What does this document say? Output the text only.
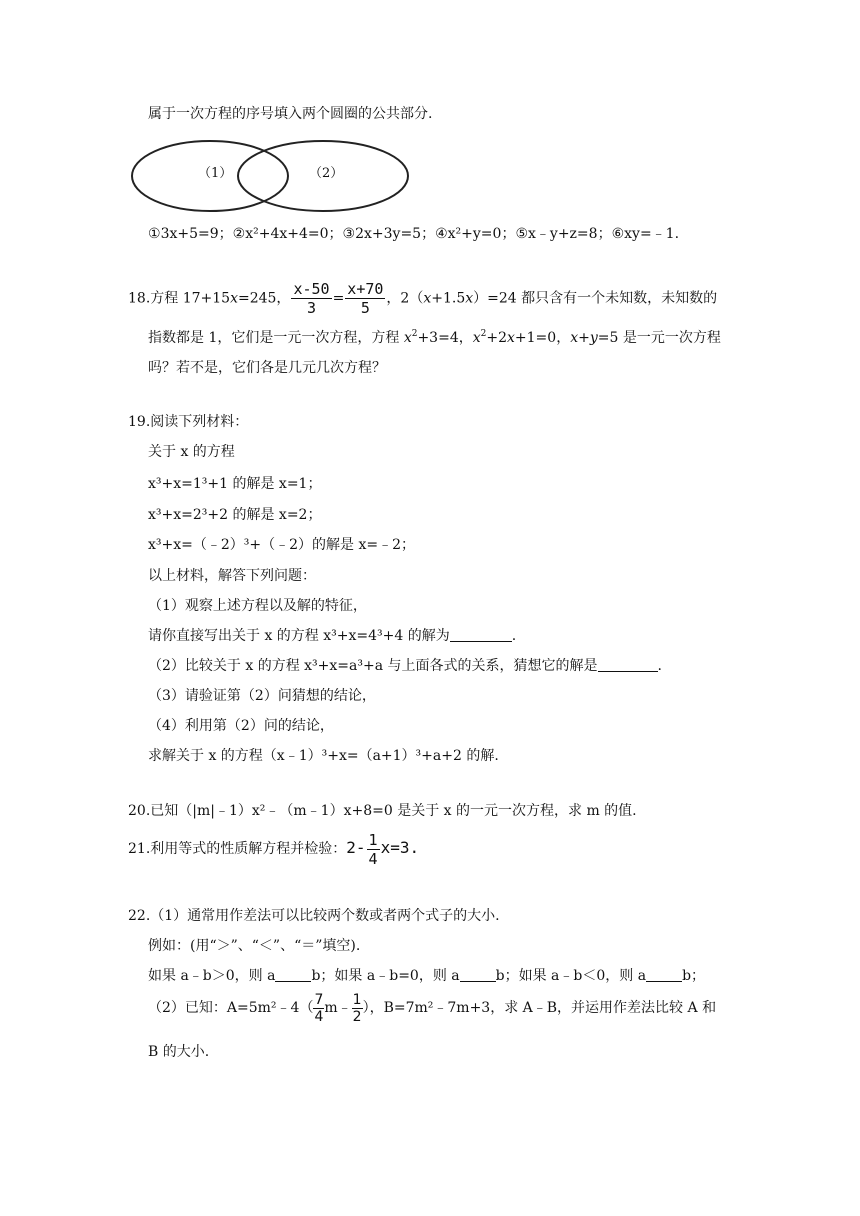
属于一次方程的序号填入两个圆圈的公共部分.
（1）	（2）
①3x+5=9；②x²+4x+4=0；③2x+3y=5；④x²+y=0；⑤x﹣y+z=8；⑥xy=﹣1.
18.方程 17+15x=245， $\frac{x-50}{3} = \frac{x+70}{5}$ ，2（x+1.5x）=24 都只含有一个未知数，未知数的
指数都是 1，它们是一元一次方程，方程 $x^2+3=4$，$x^2+2x+1=0$，x+y=5 是一元一次方程
吗？若不是，它们各是几元几次方程？
19.阅读下列材料：
关于 x 的方程
x³+x=1³+1 的解是 x=1；
x³+x=2³+2 的解是 x=2；
x³+x=（﹣2）³+（﹣2）的解是 x=﹣2；
以上材料，解答下列问题：
（1）观察上述方程以及解的特征，
请你直接写出关于 x 的方程 x³+x=4³+4 的解为	.
（2）比较关于 x 的方程 x³+x=a³+a 与上面各式的关系，猜想它的解是	.
（3）请验证第（2）问猜想的结论，
（4）利用第（2）问的结论，
求解关于 x 的方程（x﹣1）³+x=（a+1）³+a+2 的解.
20.已知（|m|﹣1）x²﹣（m﹣1）x+8=0 是关于 x 的一元一次方程，求 m 的值.
21.利用等式的性质解方程并检验：$2- \frac{1}{4} x=3$.
22.（1）通常用作差法可以比较两个数或者两个式子的大小.
例如：(用“＞”、“＜”、“＝”填空).
如果 a﹣b＞0，则 a	b；如果 a﹣b=0，则 a	b；如果 a﹣b＜0，则 a	b；
（2）已知：A=5m²﹣4（ $\frac{7}{4}$ m﹣ $\frac{1}{2}$ ），B=7m²﹣7m+3，求 A﹣B，并运用作差法比较 A 和
B 的大小.
